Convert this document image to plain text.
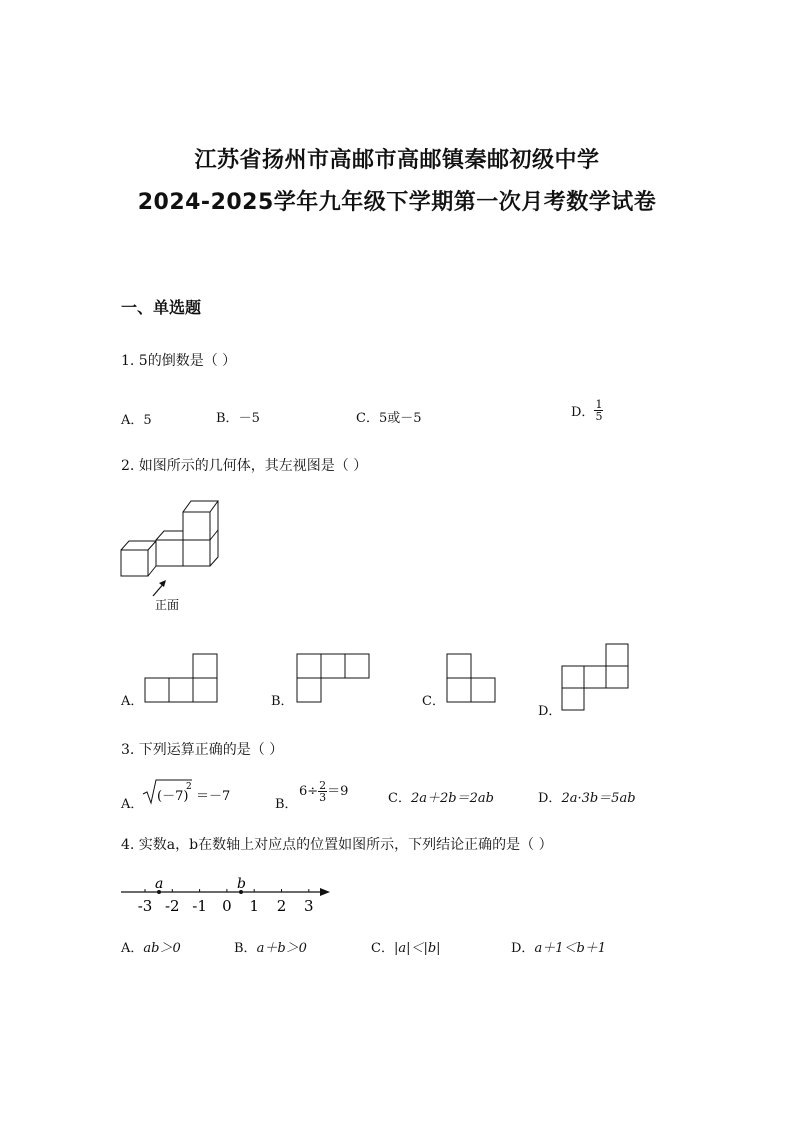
江苏省扬州市高邮市高邮镇秦邮初级中学
2024-2025学年九年级下学期第一次月考数学试卷
一、单选题
1. 5的倒数是（ ）
A．5	B．－5	C．5或－5	D． $\frac{1}{5}$
2. 如图所示的几何体，其左视图是（ ）
正面
A．	B．	C．
D．
3. 下列运算正确的是（ ）
A．
(－7)
2
＝－7
B．
$6\div \frac{2}{3} =9$	C．2a＋2b＝2ab	D．2a·3b＝5ab
4. 实数a，b在数轴上对应点的位置如图所示，下列结论正确的是（ ）
-3 -2 -1 0 1 2 3
a	b
A．ab＞0	B．a＋b＞0	C．|a|＜|b|	D．a＋1＜b＋1
